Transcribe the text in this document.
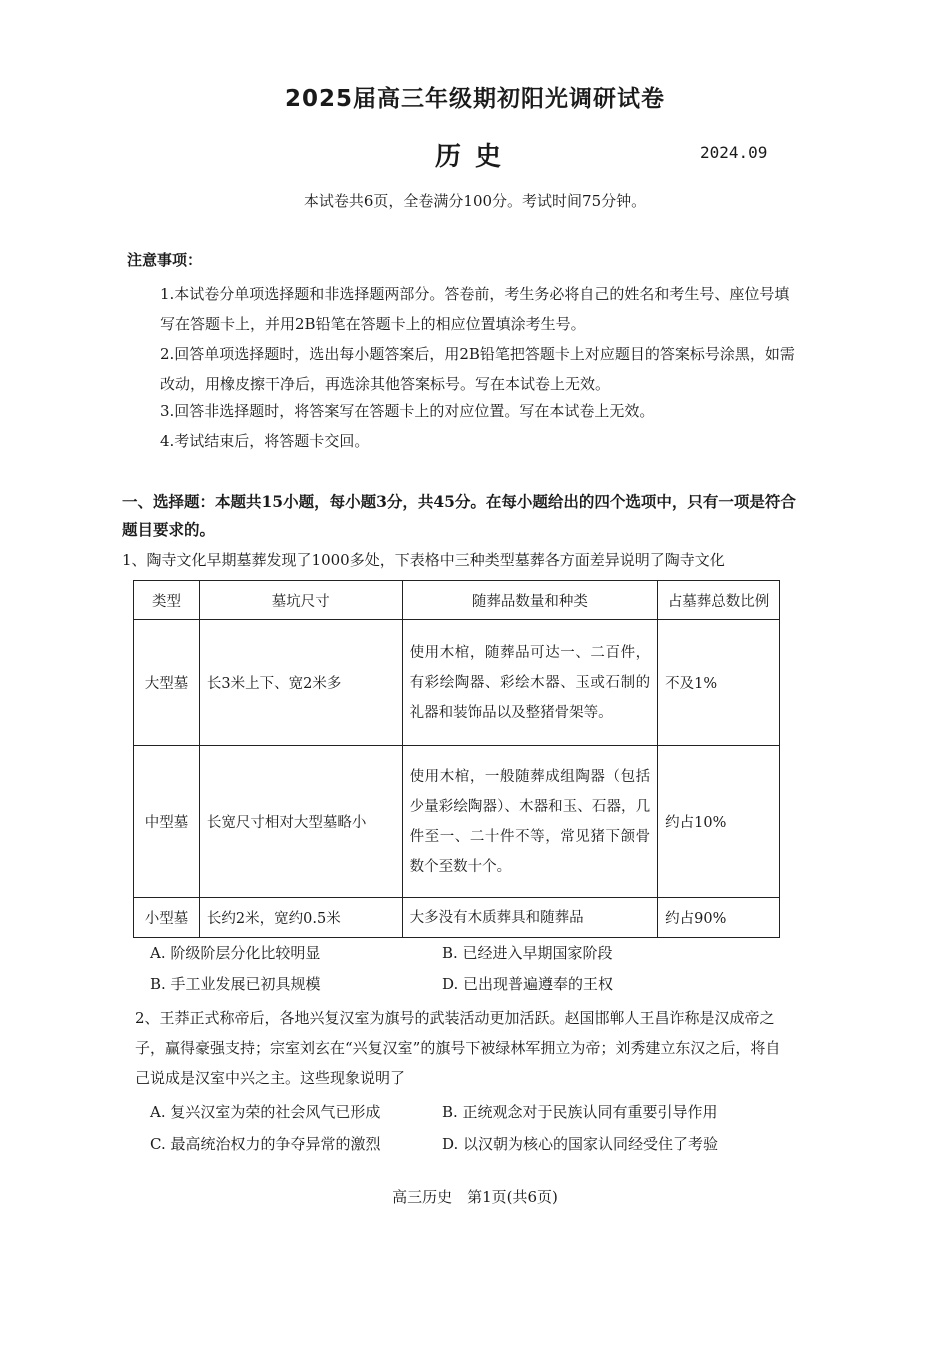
2025届高三年级期初阳光调研试卷
历史	2024.09
本试卷共6页，全卷满分100分。考试时间75分钟。
注意事项：
1.本试卷分单项选择题和非选择题两部分。答卷前，考生务必将自己的姓名和考生号、座位号填写在答题卡上，并用2B铅笔在答题卡上的相应位置填涂考生号。
2.回答单项选择题时，选出每小题答案后，用2B铅笔把答题卡上对应题目的答案标号涂黑，如需改动，用橡皮擦干净后，再选涂其他答案标号。写在本试卷上无效。
3.回答非选择题时，将答案写在答题卡上的对应位置。写在本试卷上无效。
4.考试结束后，将答题卡交回。
一、选择题：本题共15小题，每小题3分，共45分。在每小题给出的四个选项中，只有一项是符合题目要求的。
1、陶寺文化早期墓葬发现了1000多处，下表格中三种类型墓葬各方面差异说明了陶寺文化
类型	墓坑尺寸	随葬品数量和种类	占墓葬总数比例
大型墓	长3米上下、宽2米多	使用木棺，随葬品可达一、二百件，有彩绘陶器、彩绘木器、玉或石制的礼器和装饰品以及整猪骨架等。	不及1%
中型墓	长宽尺寸相对大型墓略小	使用木棺，一般随葬成组陶器（包括少量彩绘陶器）、木器和玉、石器，几件至一、二十件不等，常见猪下颌骨数个至数十个。	约占10%
小型墓	长约2米，宽约0.5米	大多没有木质葬具和随葬品	约占90%
A. 阶级阶层分化比较明显	B. 已经进入早期国家阶段
B. 手工业发展已初具规模	D. 已出现普遍遵奉的王权
2、王莽正式称帝后，各地兴复汉室为旗号的武装活动更加活跃。赵国邯郸人王昌诈称是汉成帝之子，赢得豪强支持；宗室刘玄在“兴复汉室”的旗号下被绿林军拥立为帝；刘秀建立东汉之后，将自己说成是汉室中兴之主。这些现象说明了
A. 复兴汉室为荣的社会风气已形成	B. 正统观念对于民族认同有重要引导作用
C. 最高统治权力的争夺异常的激烈	D. 以汉朝为核心的国家认同经受住了考验
高三历史　第1页(共6页)
